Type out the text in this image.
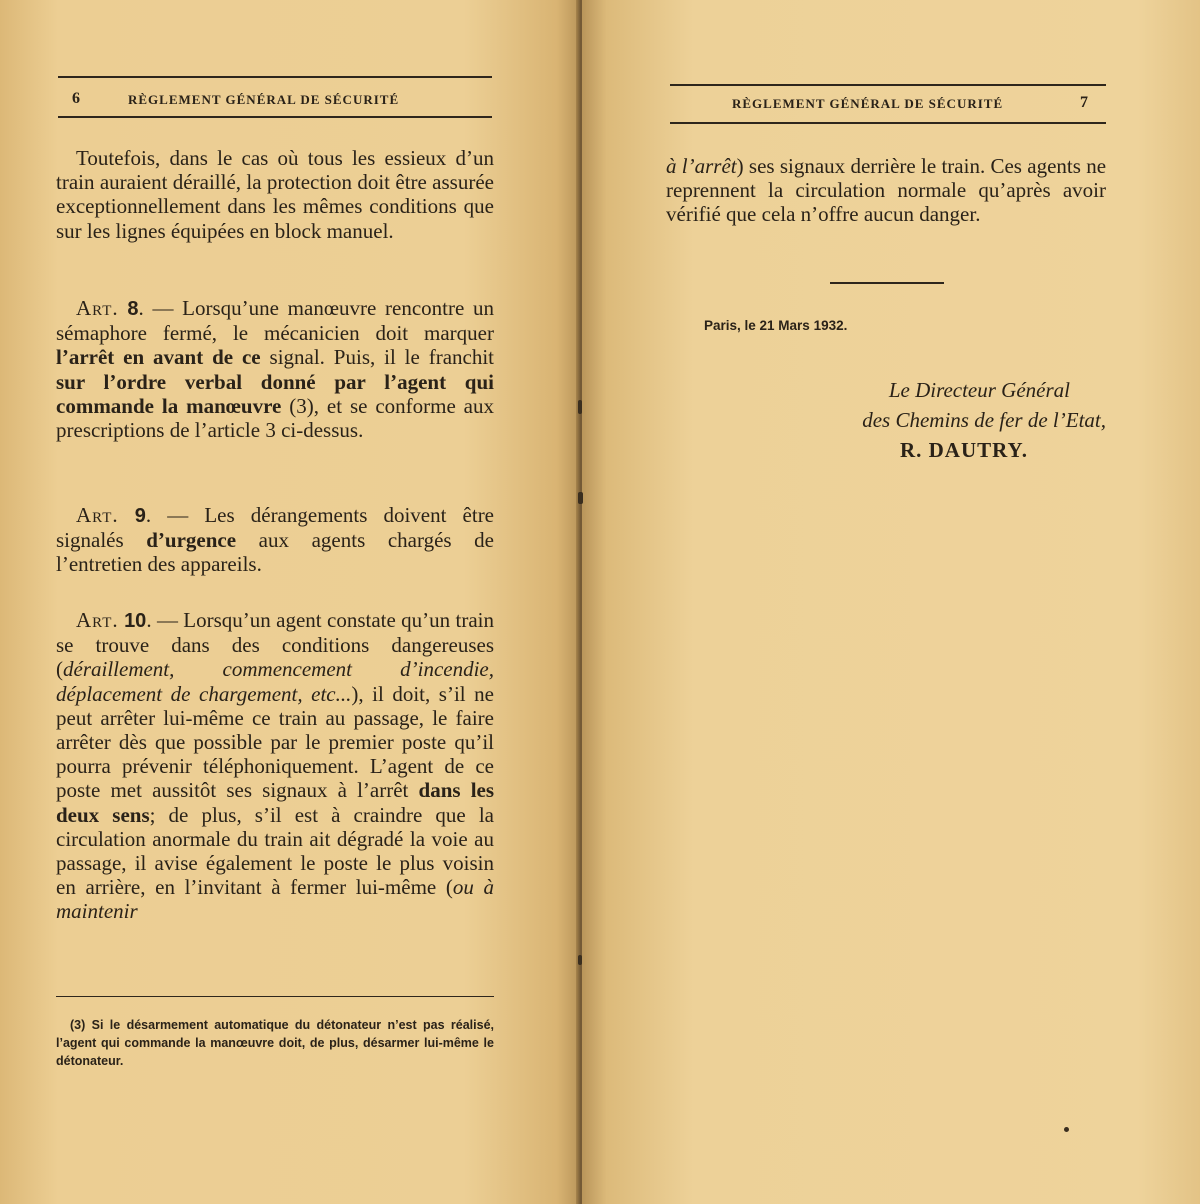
6	RÈGLEMENT GÉNÉRAL DE SÉCURITÉ

Toutefois, dans le cas où tous les essieux d’un train auraient déraillé, la protection doit être assurée exceptionnellement dans les mêmes conditions que sur les lignes équipées en block manuel.

Art. 8. — Lorsqu’une manœuvre rencontre un sémaphore fermé, le mécanicien doit marquer l’arrêt en avant de ce signal. Puis, il le franchit sur l’ordre verbal donné par l’agent qui commande la manœuvre (3), et se conforme aux prescriptions de l’article 3 ci-dessus.

Art. 9. — Les dérangements doivent être signalés d’urgence aux agents chargés de l’entretien des appareils.

Art. 10. — Lorsqu’un agent constate qu’un train se trouve dans des conditions dangereuses (déraillement, commencement d’incendie, déplacement de chargement, etc...), il doit, s’il ne peut arrêter lui-même ce train au passage, le faire arrêter dès que possible par le premier poste qu’il pourra prévenir téléphoniquement. L’agent de ce poste met aussitôt ses signaux à l’arrêt dans les deux sens; de plus, s’il est à craindre que la circulation anormale du train ait dégradé la voie au passage, il avise également le poste le plus voisin en arrière, en l’invitant à fermer lui-même (ou à maintenir

(3) Si le désarmement automatique du détonateur n’est pas réalisé, l’agent qui commande la manœuvre doit, de plus, désarmer lui-même le détonateur.

RÈGLEMENT GÉNÉRAL DE SÉCURITÉ	7

à l’arrêt) ses signaux derrière le train. Ces agents ne reprennent la circulation normale qu’après avoir vérifié que cela n’offre aucun danger.

Paris, le 21 Mars 1932.
Le Directeur Général
des Chemins de fer de l’Etat,
R. DAUTRY.
